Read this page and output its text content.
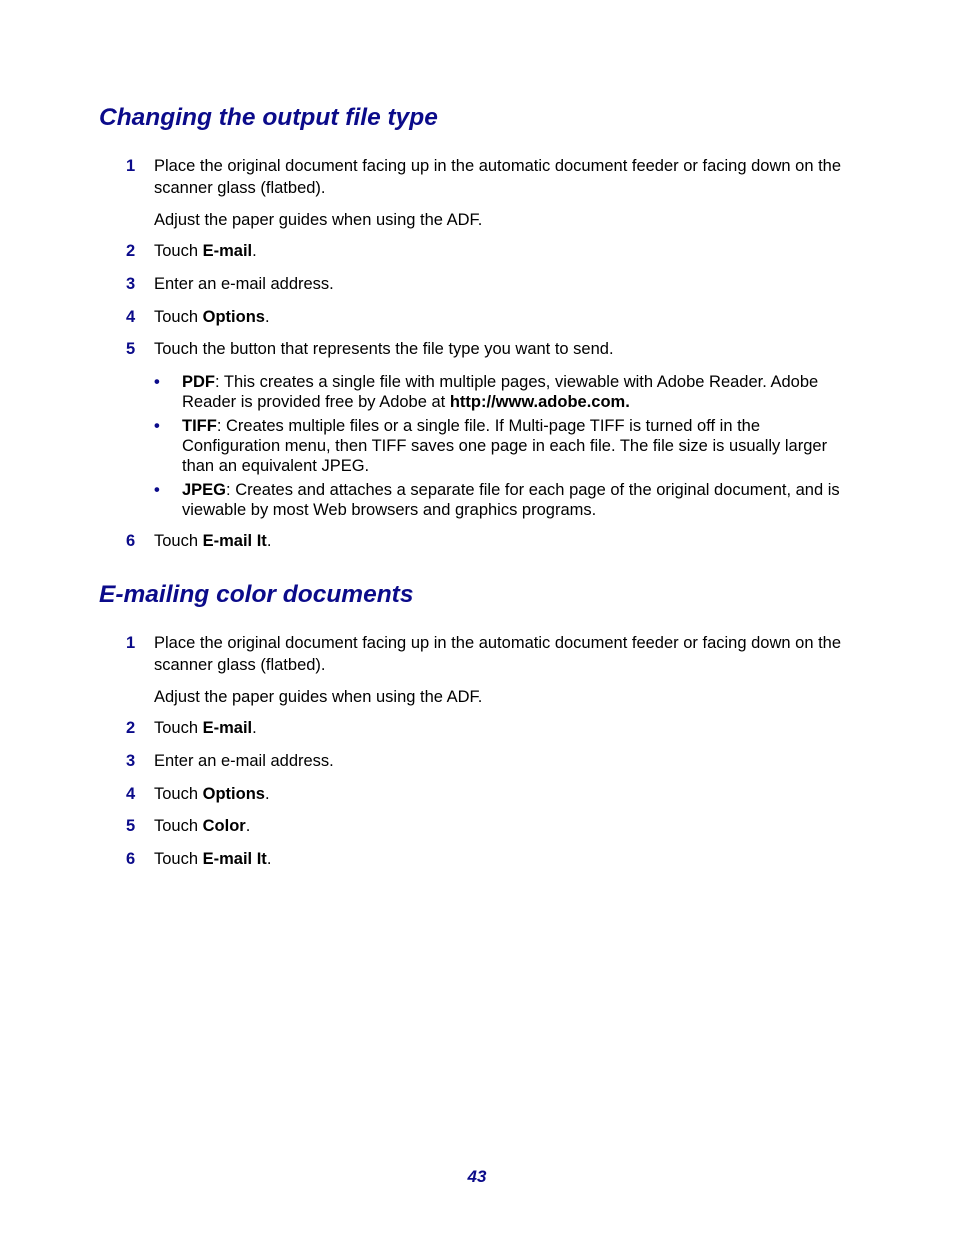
Changing the output file type
1 Place the original document facing up in the automatic document feeder or facing down on the scanner glass (flatbed).
Adjust the paper guides when using the ADF.
2 Touch E-mail.
3 Enter an e-mail address.
4 Touch Options.
5 Touch the button that represents the file type you want to send.
• PDF: This creates a single file with multiple pages, viewable with Adobe Reader. Adobe Reader is provided free by Adobe at http://www.adobe.com.
• TIFF: Creates multiple files or a single file. If Multi-page TIFF is turned off in the Configuration menu, then TIFF saves one page in each file. The file size is usually larger than an equivalent JPEG.
• JPEG: Creates and attaches a separate file for each page of the original document, and is viewable by most Web browsers and graphics programs.
6 Touch E-mail It.
E-mailing color documents
1 Place the original document facing up in the automatic document feeder or facing down on the scanner glass (flatbed).
Adjust the paper guides when using the ADF.
2 Touch E-mail.
3 Enter an e-mail address.
4 Touch Options.
5 Touch Color.
6 Touch E-mail It.
43
